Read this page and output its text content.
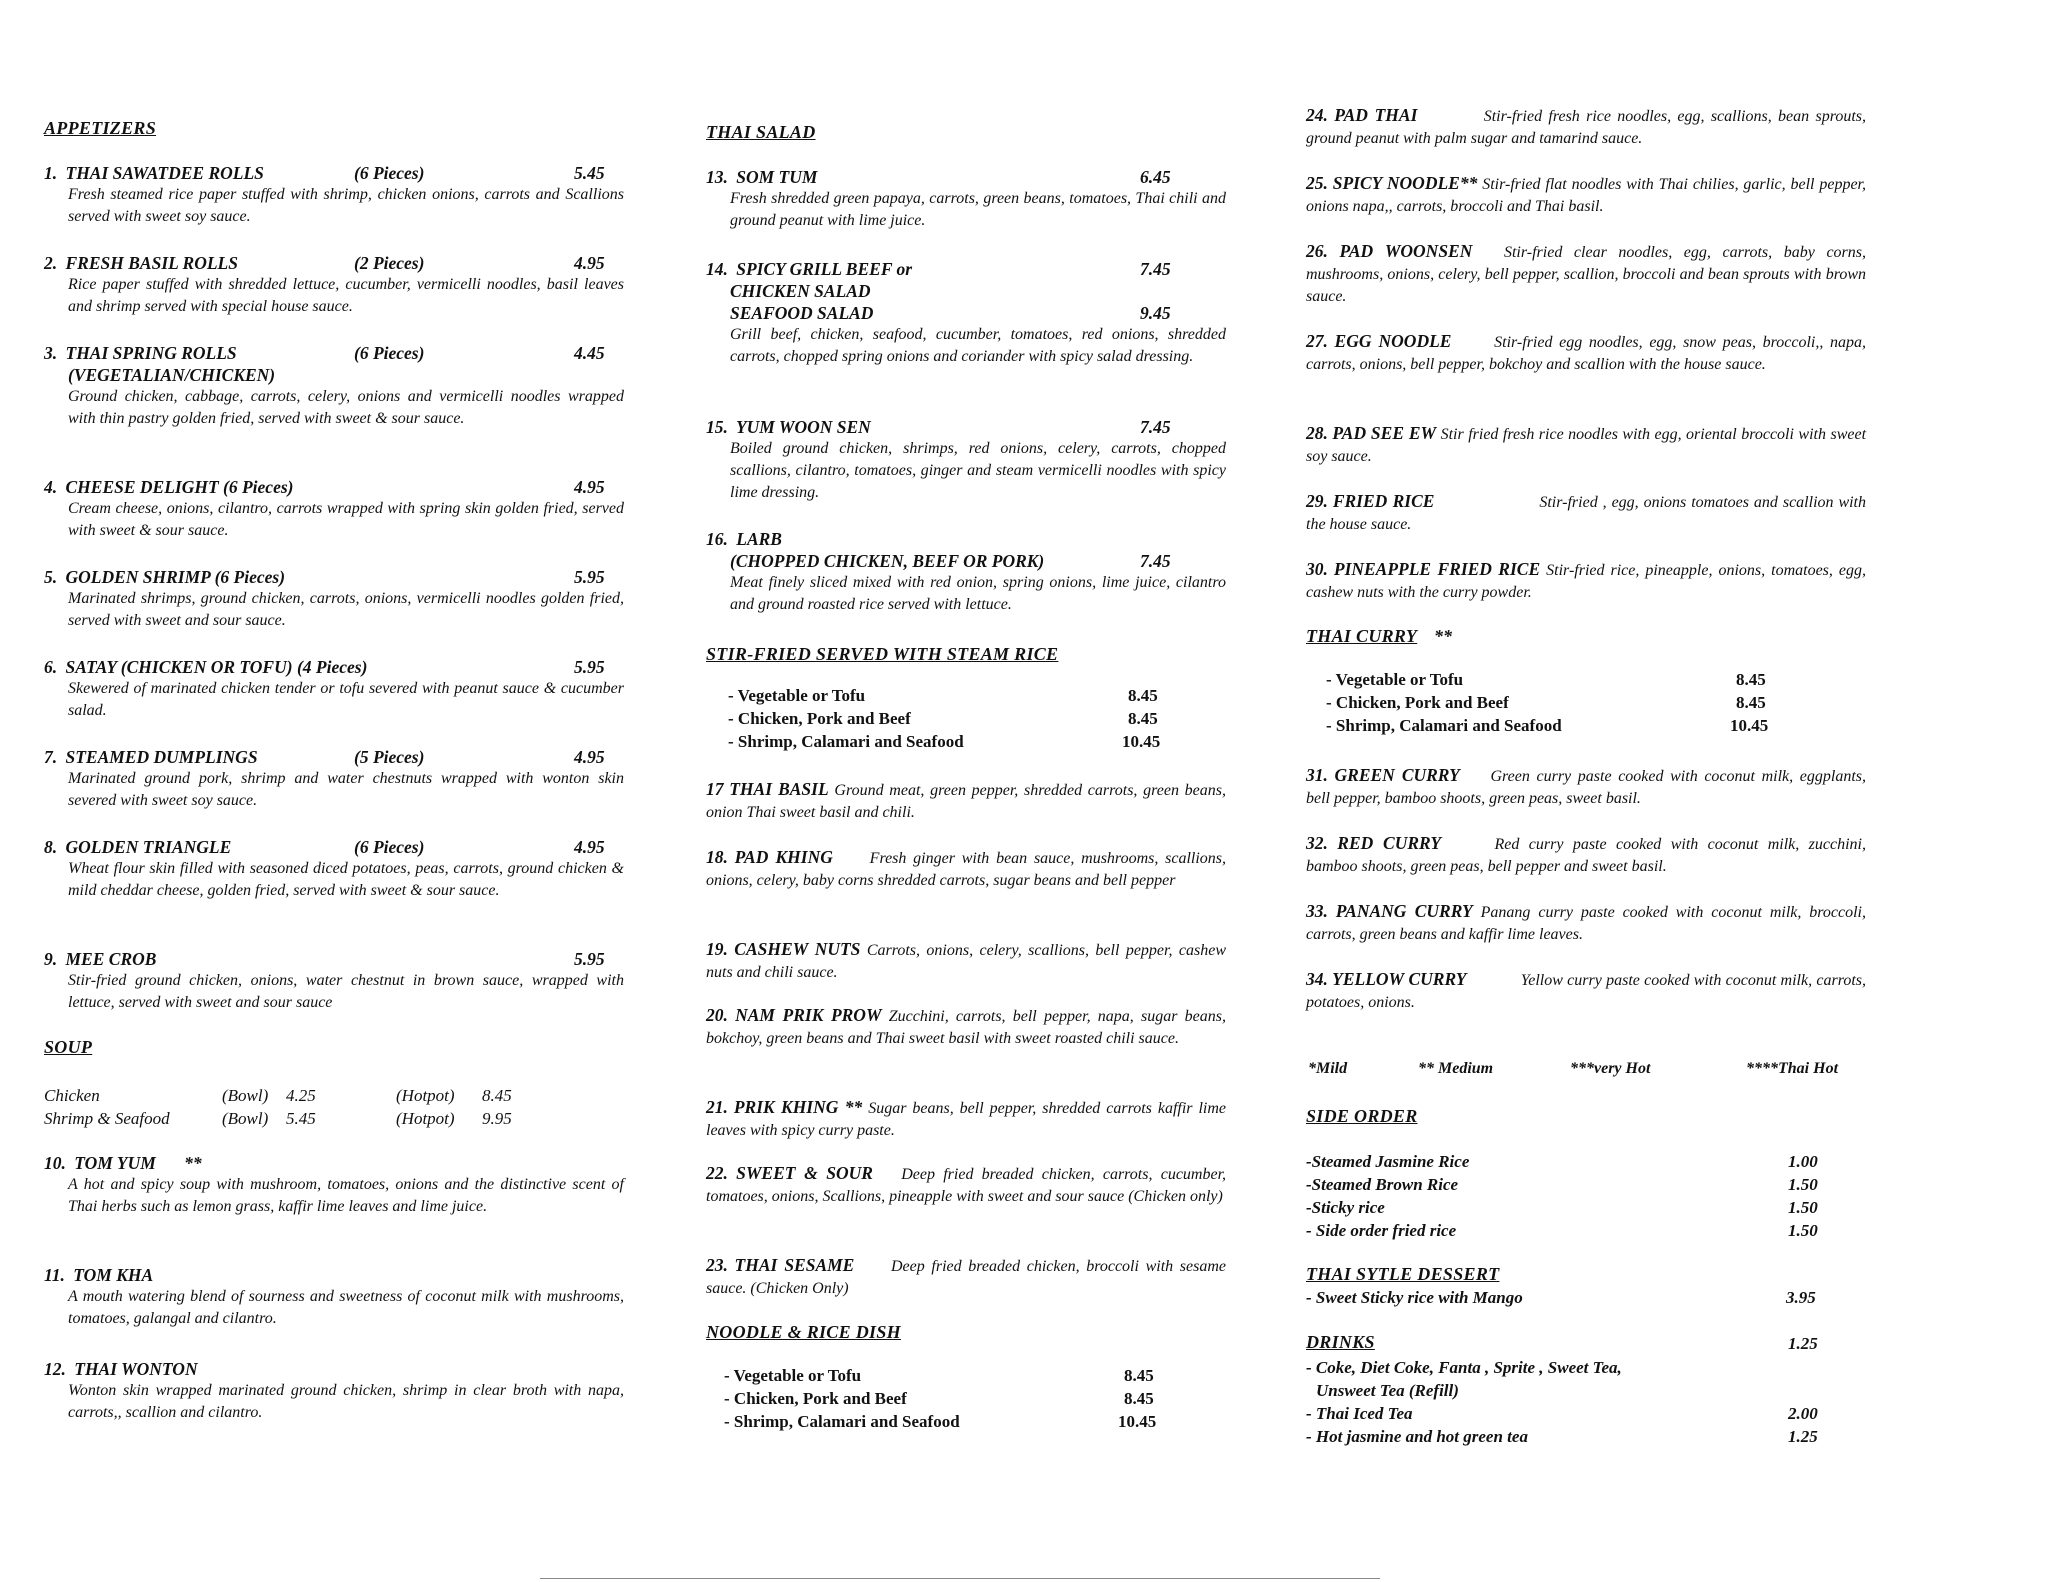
APPETIZERS
1. THAI SAWATDEE ROLLS	(6 Pieces)	5.45
Fresh steamed rice paper stuffed with shrimp, chicken onions, carrots and Scallions served with sweet soy sauce.
2. FRESH BASIL ROLLS	(2 Pieces)	4.95
Rice paper stuffed with shredded lettuce, cucumber, vermicelli noodles, basil leaves and shrimp served with special house sauce.
3. THAI SPRING ROLLS	(6 Pieces)	4.45
(VEGETALIAN/CHICKEN)
Ground chicken, cabbage, carrots, celery, onions and vermicelli noodles wrapped with thin pastry golden fried, served with sweet & sour sauce.
4. CHEESE DELIGHT (6 Pieces)	4.95
Cream cheese, onions, cilantro, carrots wrapped with spring skin golden fried, served with sweet & sour sauce.
5. GOLDEN SHRIMP (6 Pieces)	5.95
Marinated shrimps, ground chicken, carrots, onions, vermicelli noodles golden fried, served with sweet and sour sauce.
6. SATAY (CHICKEN OR TOFU) (4 Pieces)	5.95
Skewered of marinated chicken tender or tofu severed with peanut sauce & cucumber salad.
7. STEAMED DUMPLINGS	(5 Pieces)	4.95
Marinated ground pork, shrimp and water chestnuts wrapped with wonton skin severed with sweet soy sauce.
8. GOLDEN TRIANGLE	(6 Pieces)	4.95
Wheat flour skin filled with seasoned diced potatoes, peas, carrots, ground chicken & mild cheddar cheese, golden fried, served with sweet & sour sauce.
9. MEE CROB	5.95
Stir-fried ground chicken, onions, water chestnut in brown sauce, wrapped with lettuce, served with sweet and sour sauce
SOUP
Chicken	(Bowl) 4.25	(Hotpot) 8.45
Shrimp & Seafood	(Bowl) 5.45	(Hotpot) 9.95
10. TOM YUM **
A hot and spicy soup with mushroom, tomatoes, onions and the distinctive scent of Thai herbs such as lemon grass, kaffir lime leaves and lime juice.
11. TOM KHA
A mouth watering blend of sourness and sweetness of coconut milk with mushrooms, tomatoes, galangal and cilantro.
12. THAI WONTON
Wonton skin wrapped marinated ground chicken, shrimp in clear broth with napa, carrots,, scallion and cilantro.
THAI SALAD
13. SOM TUM	6.45
Fresh shredded green papaya, carrots, green beans, tomatoes, Thai chili and ground peanut with lime juice.
14. SPICY GRILL BEEF or	7.45
CHICKEN SALAD
SEAFOOD SALAD	9.45
Grill beef, chicken, seafood, cucumber, tomatoes, red onions, shredded carrots, chopped spring onions and coriander with spicy salad dressing.
15. YUM WOON SEN	7.45
Boiled ground chicken, shrimps, red onions, celery, carrots, chopped scallions, cilantro, tomatoes, ginger and steam vermicelli noodles with spicy lime dressing.
16. LARB
(CHOPPED CHICKEN, BEEF OR PORK)	7.45
Meat finely sliced mixed with red onion, spring onions, lime juice, cilantro and ground roasted rice served with lettuce.
STIR-FRIED SERVED WITH STEAM RICE
- Vegetable or Tofu	8.45
- Chicken, Pork and Beef	8.45
- Shrimp, Calamari and Seafood	10.45
17 THAI BASIL Ground meat, green pepper, shredded carrots, green beans, onion Thai sweet basil and chili.
18. PAD KHING Fresh ginger with bean sauce, mushrooms, scallions, onions, celery, baby corns shredded carrots, sugar beans and bell pepper
19. CASHEW NUTS Carrots, onions, celery, scallions, bell pepper, cashew nuts and chili sauce.
20. NAM PRIK PROW Zucchini, carrots, bell pepper, napa, sugar beans, bokchoy, green beans and Thai sweet basil with sweet roasted chili sauce.
21. PRIK KHING ** Sugar beans, bell pepper, shredded carrots kaffir lime leaves with spicy curry paste.
22. SWEET & SOUR Deep fried breaded chicken, carrots, cucumber, tomatoes, onions, Scallions, pineapple with sweet and sour sauce (Chicken only)
23. THAI SESAME Deep fried breaded chicken, broccoli with sesame sauce. (Chicken Only)
NOODLE & RICE DISH
- Vegetable or Tofu	8.45
- Chicken, Pork and Beef	8.45
- Shrimp, Calamari and Seafood	10.45
24. PAD THAI	Stir-fried fresh rice noodles, egg, scallions, bean sprouts, ground peanut with palm sugar and tamarind sauce.
25. SPICY NOODLE** Stir-fried flat noodles with Thai chilies, garlic, bell pepper, onions napa,, carrots, broccoli and Thai basil.
26. PAD WOONSEN Stir-fried clear noodles, egg, carrots, baby corns, mushrooms, onions, celery, bell pepper, scallion, broccoli and bean sprouts with brown sauce.
27. EGG NOODLE	Stir-fried egg noodles, egg, snow peas, broccoli,, napa, carrots, onions, bell pepper, bokchoy and scallion with the house sauce.
28. PAD SEE EW Stir fried fresh rice noodles with egg, oriental broccoli with sweet soy sauce.
29. FRIED RICE	Stir-fried , egg, onions tomatoes and scallion with the house sauce.
30. PINEAPPLE FRIED RICE Stir-fried rice, pineapple, onions, tomatoes, egg, cashew nuts with the curry powder.
THAI CURRY **
- Vegetable or Tofu	8.45
- Chicken, Pork and Beef	8.45
- Shrimp, Calamari and Seafood	10.45
31. GREEN CURRY Green curry paste cooked with coconut milk, eggplants, bell pepper, bamboo shoots, green peas, sweet basil.
32. RED CURRY	Red curry paste cooked with coconut milk, zucchini, bamboo shoots, green peas, bell pepper and sweet basil.
33. PANANG CURRY Panang curry paste cooked with coconut milk, broccoli, carrots, green beans and kaffir lime leaves.
34. YELLOW CURRY	Yellow curry paste cooked with coconut milk, carrots, potatoes, onions.
*Mild	** Medium	***very Hot	****Thai Hot
SIDE ORDER
-Steamed Jasmine Rice	1.00
-Steamed Brown Rice	1.50
-Sticky rice	1.50
- Side order fried rice	1.50
THAI SYTLE DESSERT
- Sweet Sticky rice with Mango	3.95
DRINKS	1.25
- Coke, Diet Coke, Fanta , Sprite , Sweet Tea,
Unsweet Tea (Refill)
- Thai Iced Tea	2.00
- Hot jasmine and hot green tea	1.25
